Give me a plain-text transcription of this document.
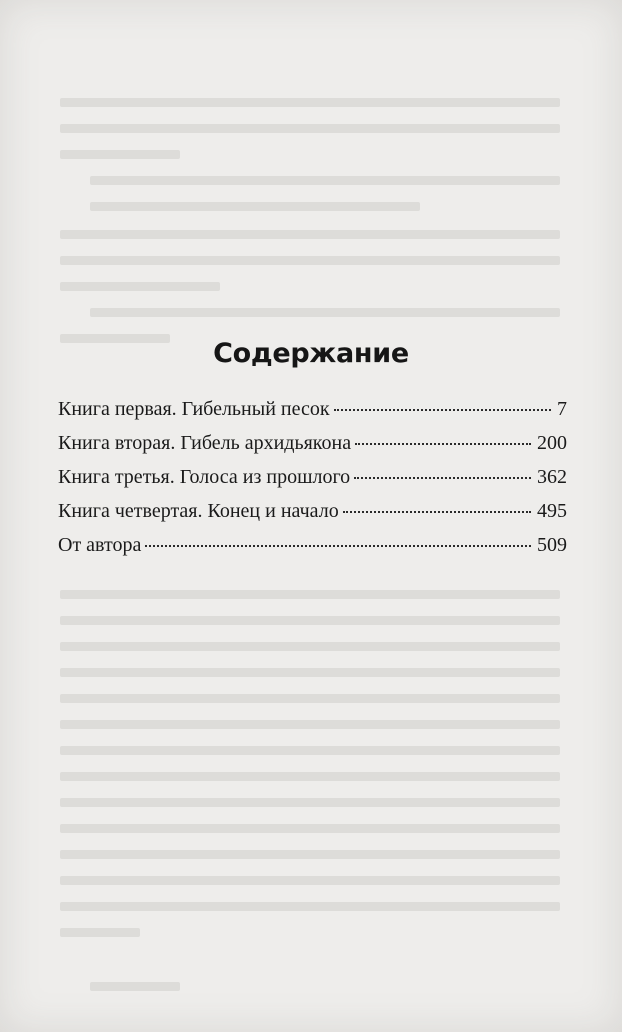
Содержание
Книга первая. Гибельный песок	7
Книга вторая. Гибель архидьякона	200
Книга третья. Голоса из прошлого	362
Книга четвертая. Конец и начало	495
От автора	509
